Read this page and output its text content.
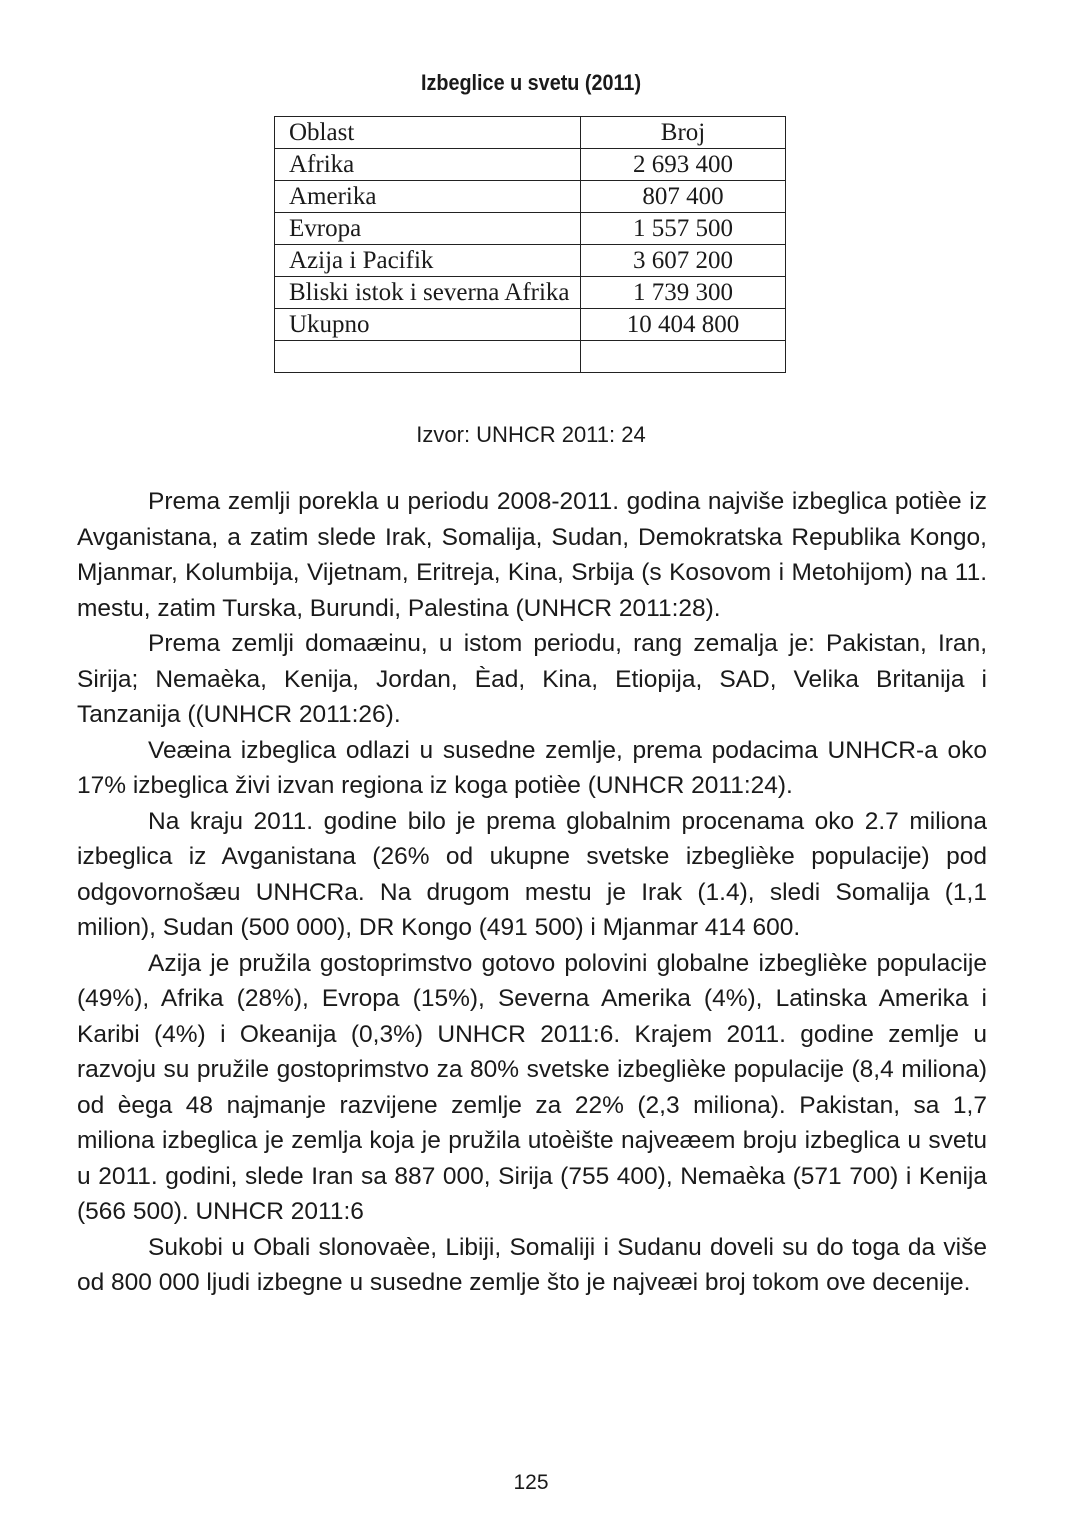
Izbeglice u svetu (2011)
Oblast	Broj
Afrika	2 693 400
Amerika	807 400
Evropa	1 557 500
Azija i Pacifik	3 607 200
Bliski istok i severna Afrika	1 739 300
Ukupno	10 404 800

Izvor: UNHCR 2011: 24

Prema zemlji porekla u periodu 2008-2011. godina najviše izbeglica potièe iz Avganistana, a zatim slede Irak, Somalija, Sudan, Demokratska Republika Kongo, Mjanmar, Kolumbija, Vijetnam, Eritreja, Kina, Srbija (s Kosovom i Metohijom) na 11. mestu, zatim Turska, Burundi, Palestina (UNHCR 2011:28).

Prema zemlji domaæinu, u istom periodu, rang zemalja je: Pakistan, Iran, Sirija; Nemaèka, Kenija, Jordan, Èad, Kina, Etiopija, SAD, Velika Britanija i Tanzanija ((UNHCR 2011:26).

Veæina izbeglica odlazi u susedne zemlje, prema podacima UNHCR-a oko 17% izbeglica živi izvan regiona iz koga potièe (UNHCR 2011:24).

Na kraju 2011. godine bilo je prema globalnim procenama oko 2.7 miliona izbeglica iz Avganistana (26% od ukupne svetske izbeglièke populacije) pod odgovornošæu UNHCRa. Na drugom mestu je Irak (1.4), sledi Somalija (1,1 milion), Sudan (500 000), DR Kongo (491 500) i Mjanmar 414 600.

Azija je pružila gostoprimstvo gotovo polovini globalne izbeglièke populacije (49%), Afrika (28%), Evropa (15%), Severna Amerika (4%), Latinska Amerika i Karibi (4%) i Okeanija (0,3%) UNHCR 2011:6. Krajem 2011. godine zemlje u razvoju su pružile gostoprimstvo za 80% svetske izbeglièke populacije (8,4 miliona) od èega 48 najmanje razvijene zemlje za 22% (2,3 miliona). Pakistan, sa 1,7 miliona izbeglica je zemlja koja je pružila utoèište najveæem broju izbeglica u svetu u 2011. godini, slede Iran sa 887 000, Sirija (755 400), Nemaèka (571 700) i Kenija (566 500). UNHCR 2011:6

Sukobi u Obali slonovaèe, Libiji, Somaliji i Sudanu doveli su do toga da više od 800 000 ljudi izbegne u susedne zemlje što je najveæi broj tokom ove decenije.

125
